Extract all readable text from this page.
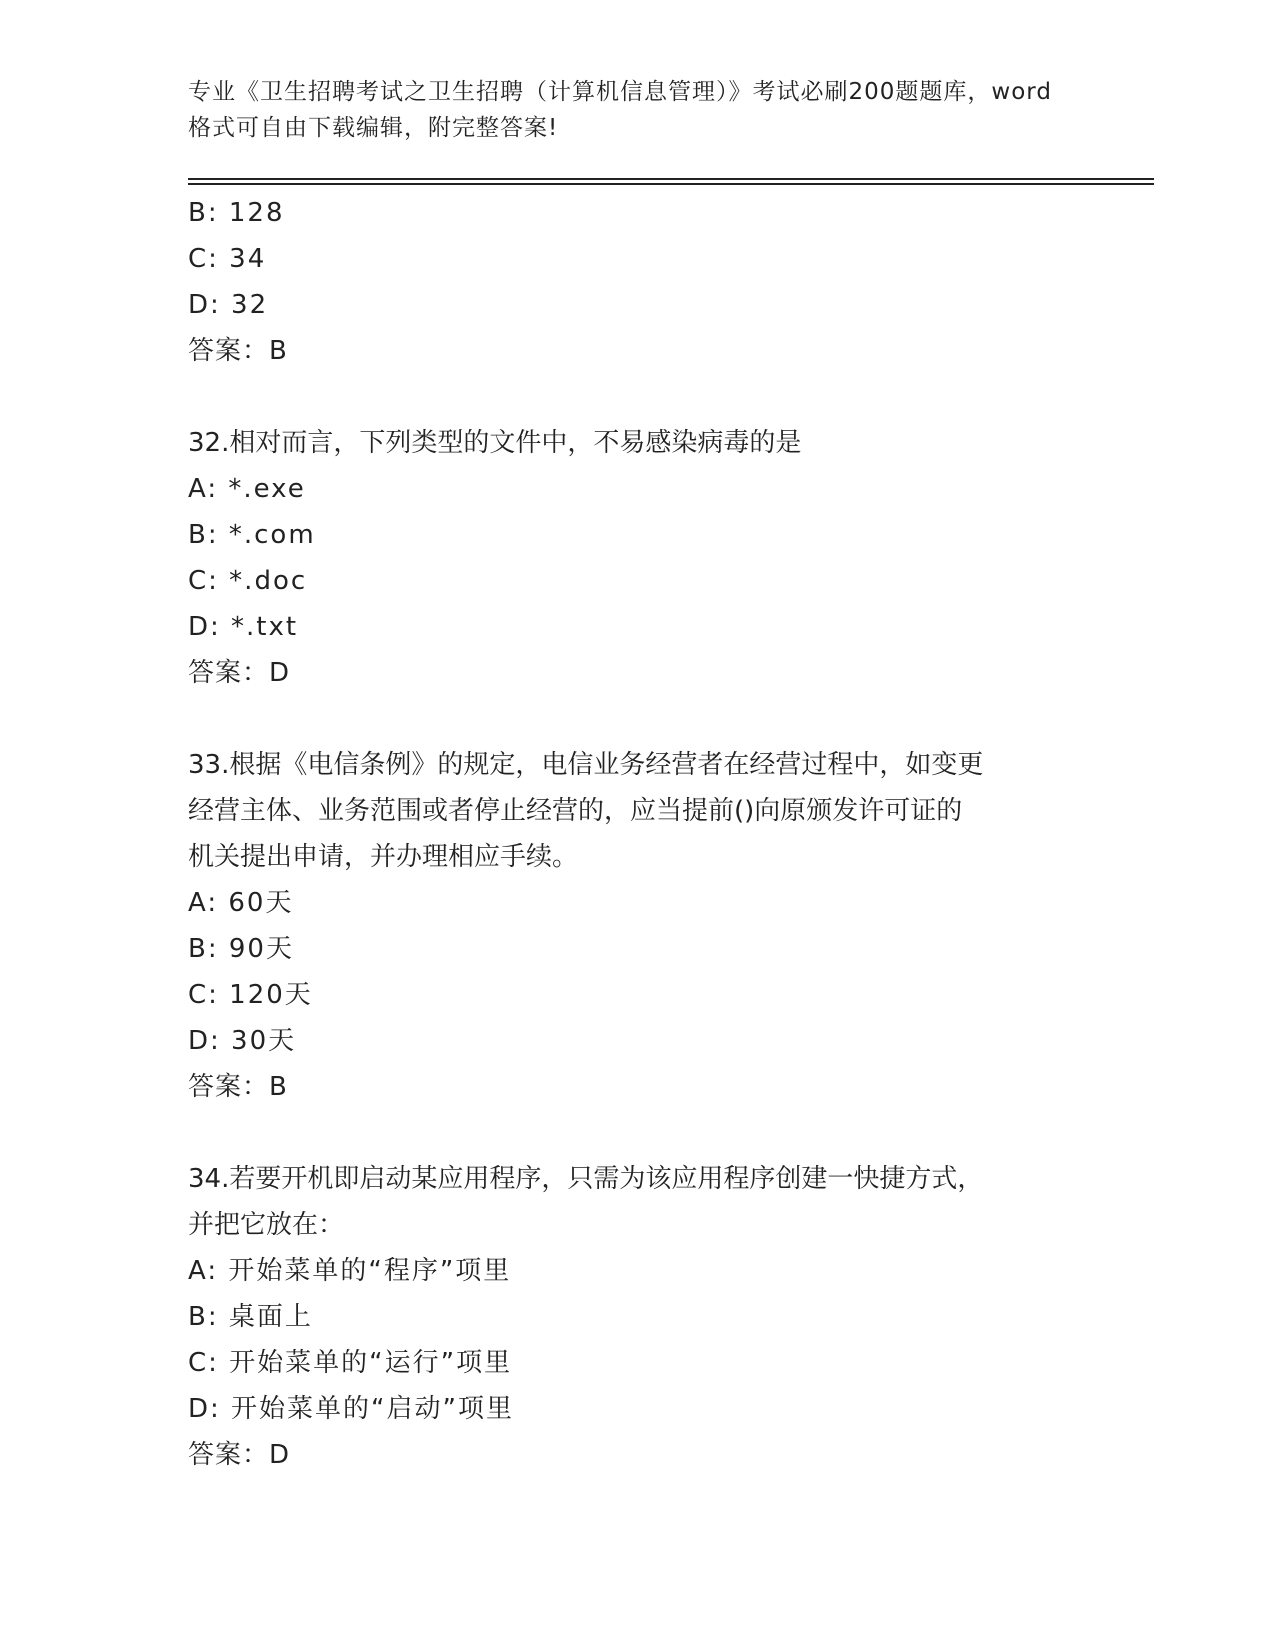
专业《卫生招聘考试之卫生招聘（计算机信息管理）》考试必刷200题题库，word
格式可自由下载编辑，附完整答案!
B: 128
C: 34
D: 32
答案：B
32.相对而言，下列类型的文件中，不易感染病毒的是
A: *.exe
B: *.com
C: *.doc
D: *.txt
答案：D
33.根据《电信条例》的规定，电信业务经营者在经营过程中，如变更
经营主体、业务范围或者停止经营的，应当提前()向原颁发许可证的
机关提出申请，并办理相应手续。
A: 60天
B: 90天
C: 120天
D: 30天
答案：B
34.若要开机即启动某应用程序，只需为该应用程序创建一快捷方式，
并把它放在：
A: 开始菜单的“程序”项里
B: 桌面上
C: 开始菜单的“运行”项里
D: 开始菜单的“启动”项里
答案：D
